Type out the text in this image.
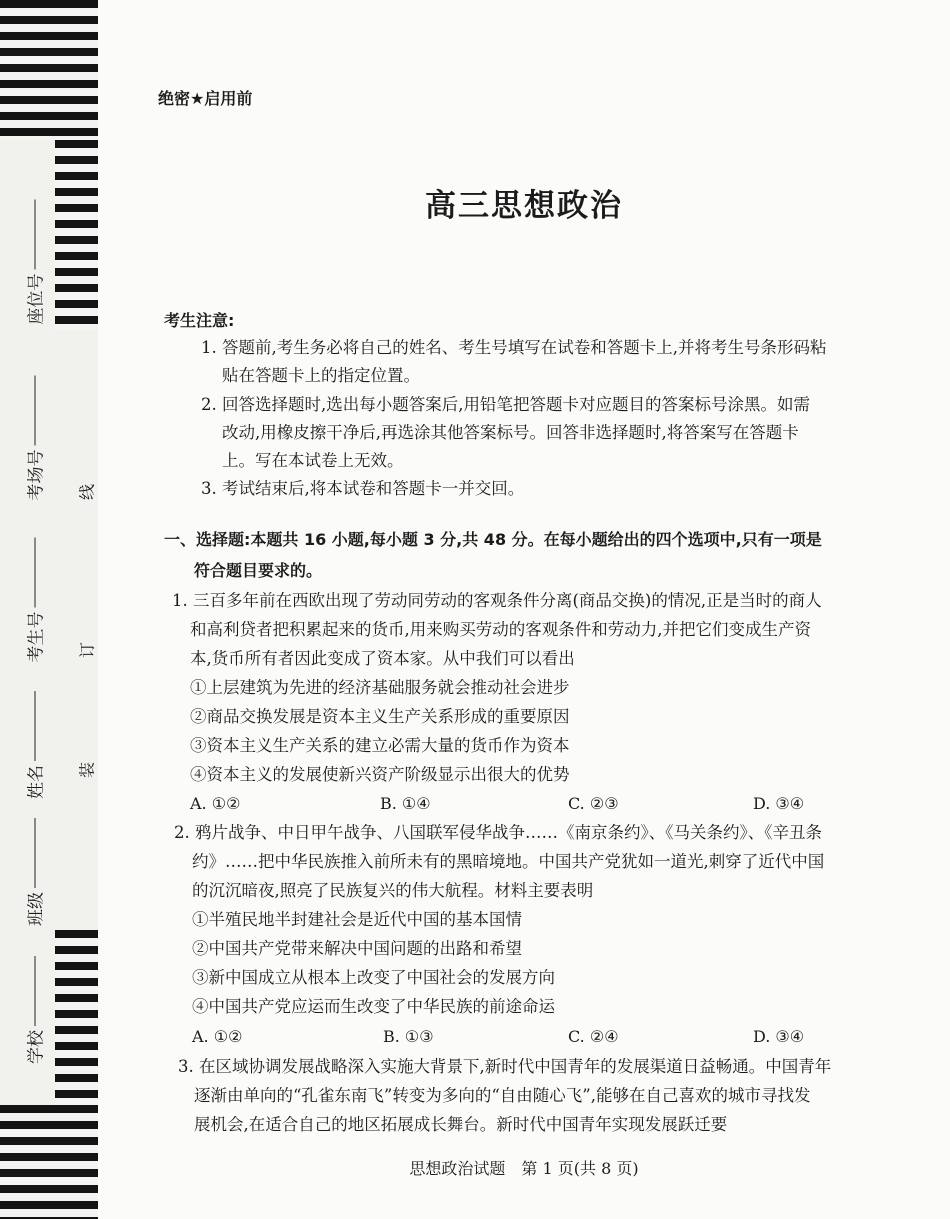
座位号
考场号
考生号
姓名
班级
学校
线
订
装
绝密★启用前
高三思想政治
考生注意:
1. 答题前,考生务必将自己的姓名、考生号填写在试卷和答题卡上,并将考生号条形码粘
贴在答题卡上的指定位置。
2. 回答选择题时,选出每小题答案后,用铅笔把答题卡对应题目的答案标号涂黑。如需
改动,用橡皮擦干净后,再选涂其他答案标号。回答非选择题时,将答案写在答题卡
上。写在本试卷上无效。
3. 考试结束后,将本试卷和答题卡一并交回。
一、选择题:本题共 16 小题,每小题 3 分,共 48 分。在每小题给出的四个选项中,只有一项是
符合题目要求的。
1. 三百多年前在西欧出现了劳动同劳动的客观条件分离(商品交换)的情况,正是当时的商人
和高利贷者把积累起来的货币,用来购买劳动的客观条件和劳动力,并把它们变成生产资
本,货币所有者因此变成了资本家。从中我们可以看出
①上层建筑为先进的经济基础服务就会推动社会进步
②商品交换发展是资本主义生产关系形成的重要原因
③资本主义生产关系的建立必需大量的货币作为资本
④资本主义的发展使新兴资产阶级显示出很大的优势
A. ①②	B. ①④	C. ②③	D. ③④
2. 鸦片战争、中日甲午战争、八国联军侵华战争……《南京条约》、《马关条约》、《辛丑条
约》……把中华民族推入前所未有的黑暗境地。中国共产党犹如一道光,刺穿了近代中国
的沉沉暗夜,照亮了民族复兴的伟大航程。材料主要表明
①半殖民地半封建社会是近代中国的基本国情
②中国共产党带来解决中国问题的出路和希望
③新中国成立从根本上改变了中国社会的发展方向
④中国共产党应运而生改变了中华民族的前途命运
A. ①②	B. ①③	C. ②④	D. ③④
3. 在区域协调发展战略深入实施大背景下,新时代中国青年的发展渠道日益畅通。中国青年
逐渐由单向的“孔雀东南飞”转变为多向的“自由随心飞”,能够在自己喜欢的城市寻找发
展机会,在适合自己的地区拓展成长舞台。新时代中国青年实现发展跃迁要
思想政治试题　第 1 页(共 8 页)
